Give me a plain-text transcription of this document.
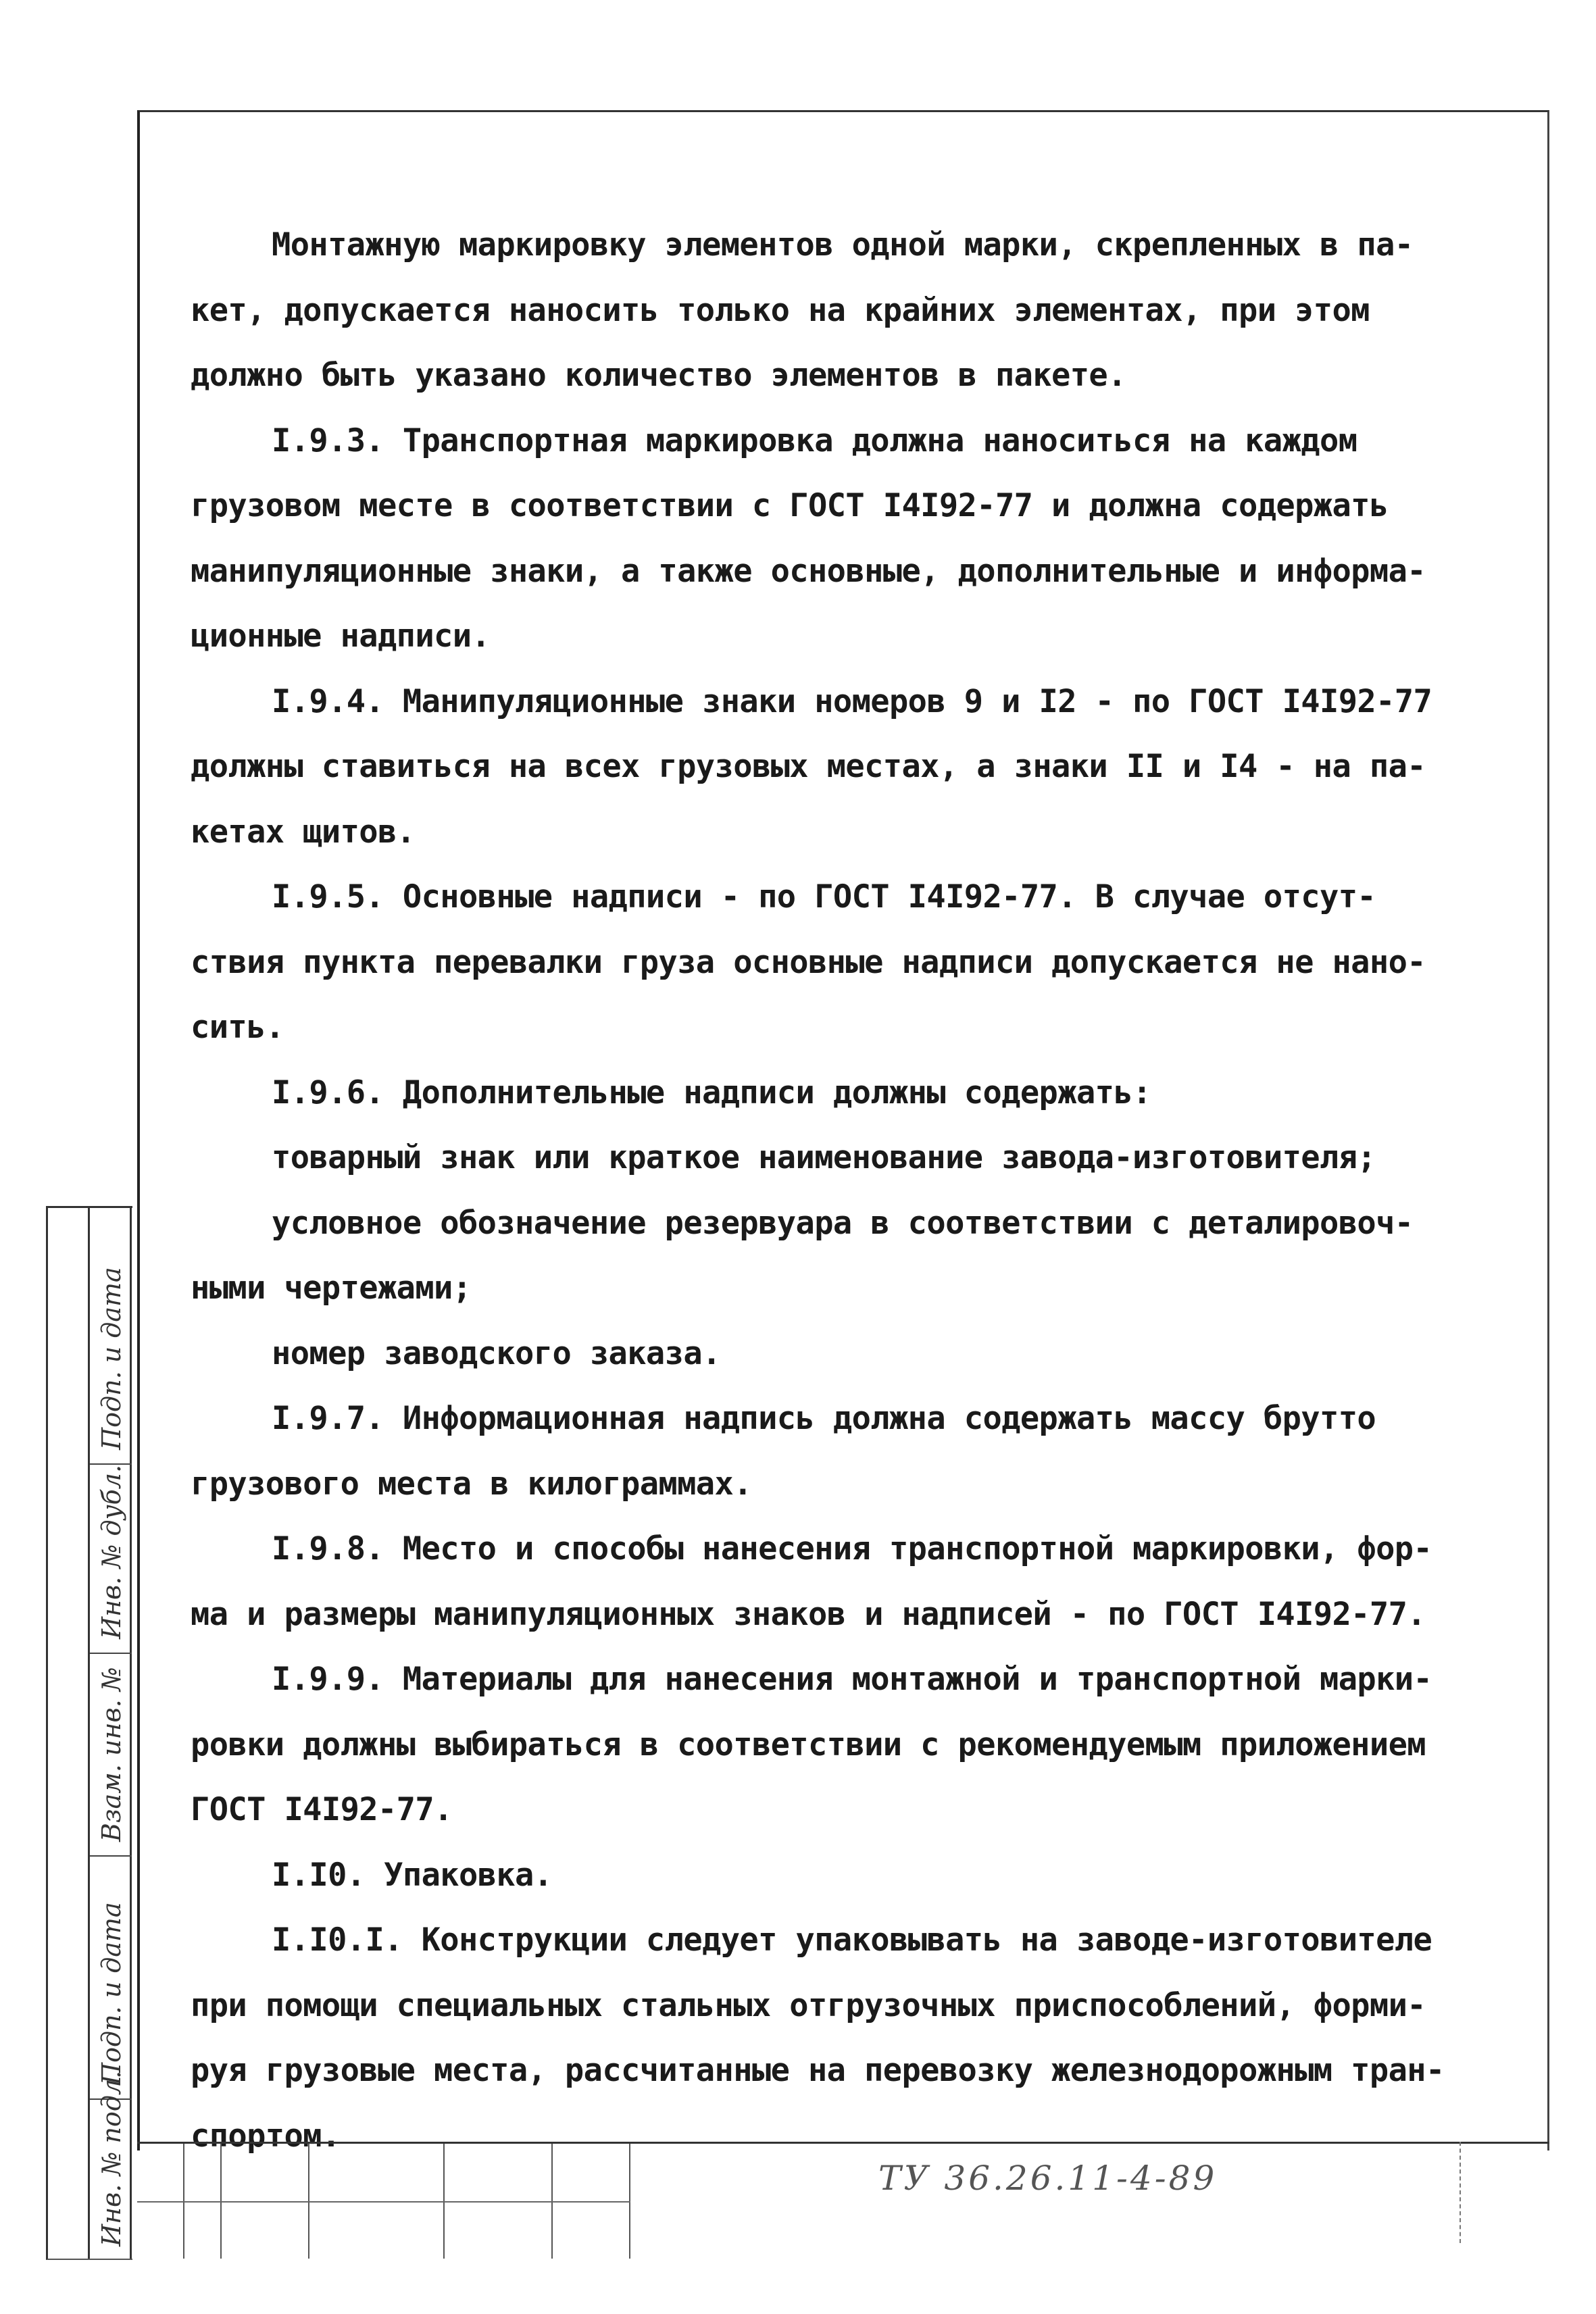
Монтажную маркировку элементов одной марки, скрепленных в па-
кет, допускается наносить только на крайних элементах, при этом
должно быть указано количество элементов в пакете.
I.9.3. Транспортная маркировка должна наноситься на каждом
грузовом месте в соответствии с ГОСТ I4I92-77 и должна содержать
манипуляционные знаки, а также основные, дополнительные и информа-
ционные надписи.
I.9.4. Манипуляционные знаки номеров 9 и I2 - по ГОСТ I4I92-77
должны ставиться на всех грузовых местах, а знаки II и I4 - на па-
кетах щитов.
I.9.5. Основные надписи - по ГОСТ I4I92-77. В случае отсут-
ствия пункта перевалки груза основные надписи допускается не нано-
сить.
I.9.6. Дополнительные надписи должны содержать:
товарный знак или краткое наименование завода-изготовителя;
условное обозначение резервуара в соответствии с деталировоч-
ными чертежами;
номер заводского заказа.
I.9.7. Информационная надпись должна содержать массу брутто
грузового места в килограммах.
I.9.8. Место и способы нанесения транспортной маркировки, фор-
ма и размеры манипуляционных знаков и надписей - по ГОСТ I4I92-77.
I.9.9. Материалы для нанесения монтажной и транспортной марки-
ровки должны выбираться в соответствии с рекомендуемым приложением
ГОСТ I4I92-77.
I.I0. Упаковка.
I.I0.I. Конструкции следует упаковывать на заводе-изготовителе
при помощи специальных стальных отгрузочных приспособлений, форми-
руя грузовые места, рассчитанные на перевозку железнодорожным тран-
спортом.
Подп. и дата
Инв. № дубл.
Взам. инв. №
Подп. и дата
Инв. № подл.	ТУ 36.26.11-4-89
